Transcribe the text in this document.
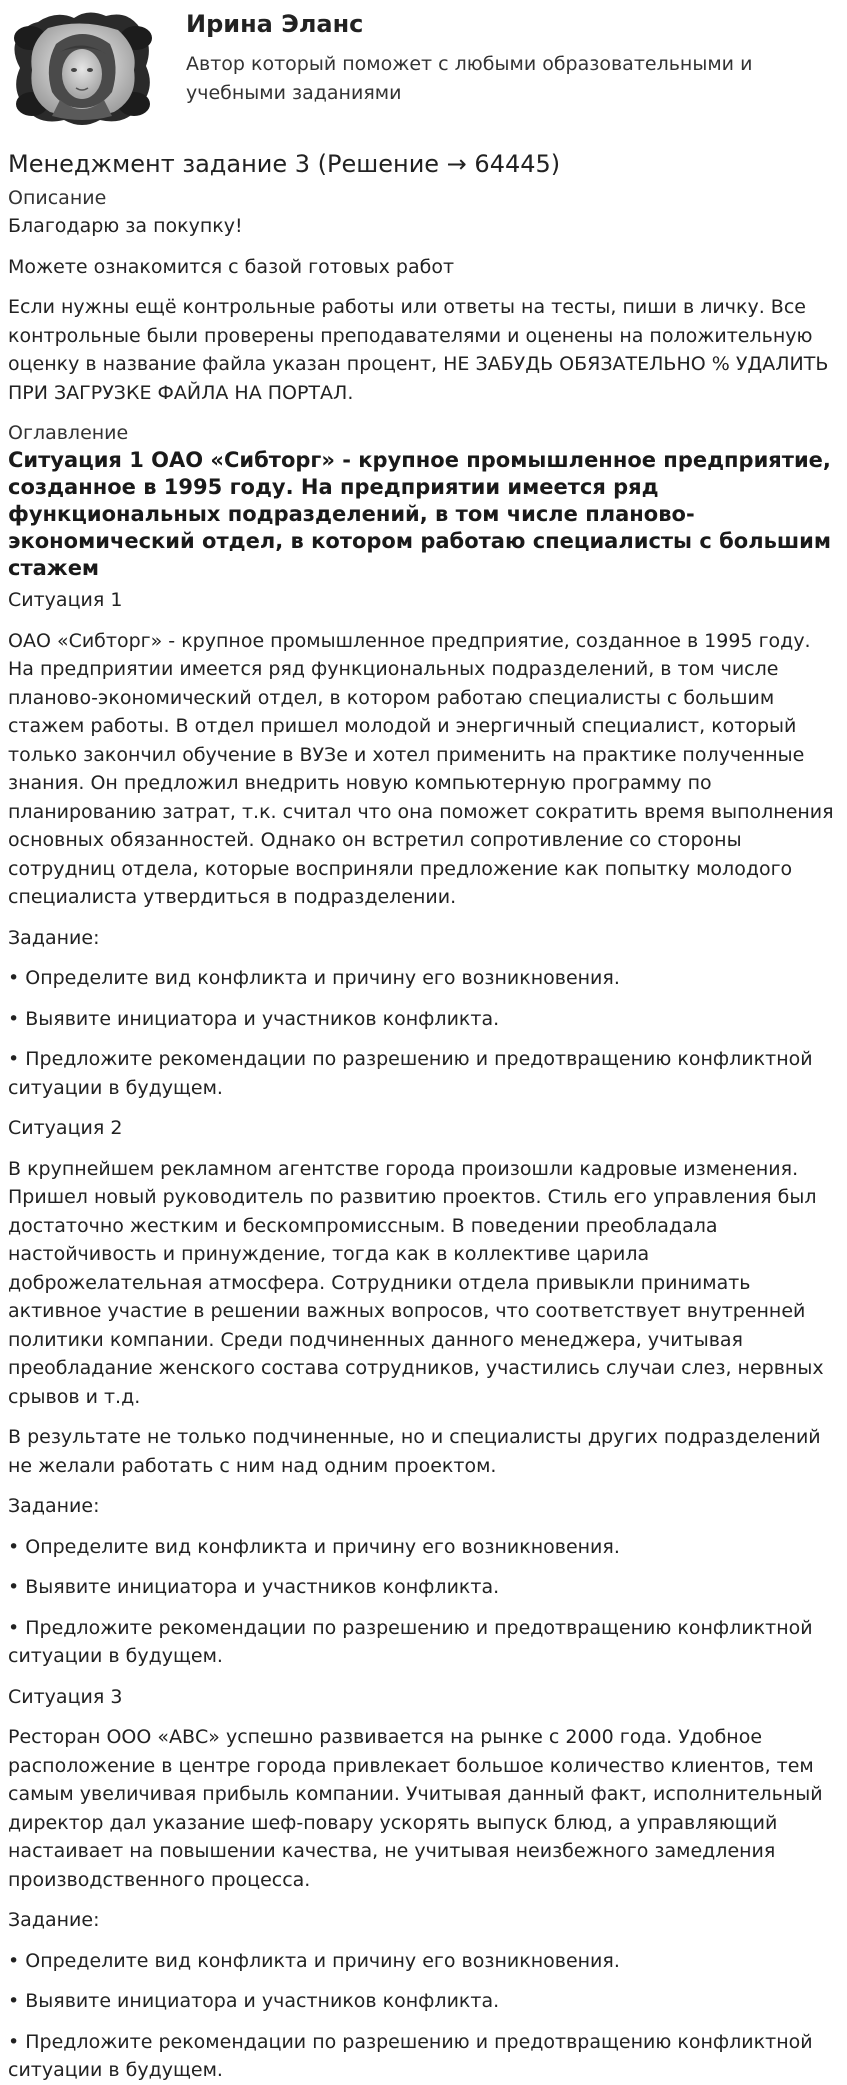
Ирина Эланс
Автор который поможет с любыми образовательными и учебными заданиями
Менеджмент задание 3 (Решение → 64445)
Описание

Благодарю за покупку!

Можете ознакомится с базой готовых работ

Если нужны ещё контрольные работы или ответы на тесты, пиши в личку. Все контрольные были проверены преподавателями и оценены на положительную оценку в название файла указан процент, НЕ ЗАБУДЬ ОБЯЗАТЕЛЬНО % УДАЛИТЬ ПРИ ЗАГРУЗКЕ ФАЙЛА НА ПОРТАЛ.

Оглавление
Ситуация 1 ОАО «Сибторг» - крупное промышленное предприятие, созданное в 1995 году. На предприятии имеется ряд функциональных подразделений, в том числе планово-экономический отдел, в котором работаю специалисты с большим стажем

Ситуация 1

ОАО «Сибторг» - крупное промышленное предприятие, созданное в 1995 году. На предприятии имеется ряд функциональных подразделений, в том числе планово-экономический отдел, в котором работаю специалисты с большим стажем работы. В отдел пришел молодой и энергичный специалист, который только закончил обучение в ВУЗе и хотел применить на практике полученные знания. Он предложил внедрить новую компьютерную программу по планированию затрат, т.к. считал что она поможет сократить время выполнения основных обязанностей. Однако он встретил сопротивление со стороны сотрудниц отдела, которые восприняли предложение как попытку молодого специалиста утвердиться в подразделении.

Задание:

• Определите вид конфликта и причину его возникновения.

• Выявите инициатора и участников конфликта.

• Предложите рекомендации по разрешению и предотвращению конфликтной ситуации в будущем.

Ситуация 2

В крупнейшем рекламном агентстве города произошли кадровые изменения. Пришел новый руководитель по развитию проектов. Стиль его управления был достаточно жестким и бескомпромиссным. В поведении преобладала настойчивость и принуждение, тогда как в коллективе царила доброжелательная атмосфера. Сотрудники отдела привыкли принимать активное участие в решении важных вопросов, что соответствует внутренней политики компании. Среди подчиненных данного менеджера, учитывая преобладание женского состава сотрудников, участились случаи слез, нервных срывов и т.д.

В результате не только подчиненные, но и специалисты других подразделений не желали работать с ним над одним проектом.

Задание:

• Определите вид конфликта и причину его возникновения.

• Выявите инициатора и участников конфликта.

• Предложите рекомендации по разрешению и предотвращению конфликтной ситуации в будущем.

Ситуация 3

Ресторан ООО «АВС» успешно развивается на рынке с 2000 года. Удобное расположение в центре города привлекает большое количество клиентов, тем самым увеличивая прибыль компании. Учитывая данный факт, исполнительный директор дал указание шеф-повару ускорять выпуск блюд, а управляющий настаивает на повышении качества, не учитывая неизбежного замедления производственного процесса.

Задание:

• Определите вид конфликта и причину его возникновения.

• Выявите инициатора и участников конфликта.

• Предложите рекомендации по разрешению и предотвращению конфликтной ситуации в будущем.
